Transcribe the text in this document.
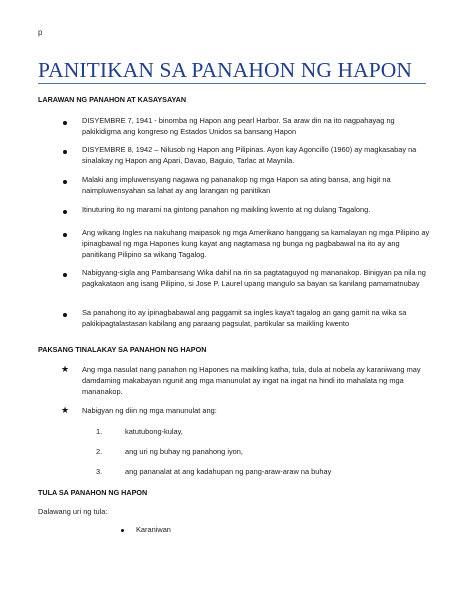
p
PANITIKAN SA PANAHON NG HAPON
LARAWAN NG PANAHON AT KASAYSAYAN
DISYEMBRE 7, 1941 - binomba ng Hapon ang pearl Harbor. Sa araw din na ito nagpahayag ng pakikidigma ang kongreso ng Estados Unidos sa bansang Hapon
DISYEMBRE 8, 1942 – Nilusob ng Hapon ang Pilipinas. Ayon kay Agoncillo (1960) ay magkasabay na sinalakay ng Hapon ang Apari, Davao, Baguio, Tarlac at Maynila.
Malaki ang impluwensyang nagawa ng pananakop ng mga Hapon sa ating bansa, ang higit na naimpluwensyahan sa lahat ay ang larangan ng panitikan
Itinuturing ito ng marami na gintong panahon ng maikling kwento at ng dulang Tagalong.
Ang wikang Ingles na nakuhang maipasok ng mga Amerikano hanggang sa kamalayan ng mga Pilipino ay ipinagbawal ng mga Hapones kung kayat ang nagtamasa ng bunga ng pagbabawal na ito ay ang panitikang Pilipino sa wikang Tagalog.
Nabigyang-sigla ang Pambansang Wika dahil na rin sa pagtataguyod ng mananakop. Binigyan pa nila ng pagkakataon ang isang Pilipino, si Jose P. Laurel upang mangulo sa bayan sa kanilang pamamatnubay
Sa panahong ito ay ipinagbabawal ang paggamit sa ingles kaya't tagalog an gang gamit na wika sa pakikipagtalastasan kabilang ang paraang pagsulat, partikular sa maikling kwento
PAKSANG TINALAKAY SA PANAHON NG HAPON
★ Ang mga nasulat nang panahon ng Hapones na maikling katha, tula, dula at nobela ay karaniwang may damdaming makabayan ngunit ang mga manunulat ay ingat na ingat na hindi ito mahalata ng mga mananakop.
★ Nabigyan ng diin ng mga manunulat ang:
1.	katutubong-kulay,
2.	ang uri ng buhay ng panahong iyon,
3.	ang pananalat at ang kadahupan ng pang-araw-araw na buhay
TULA SA PANAHON NG HAPON
Dalawang uri ng tula:
Karaniwan
